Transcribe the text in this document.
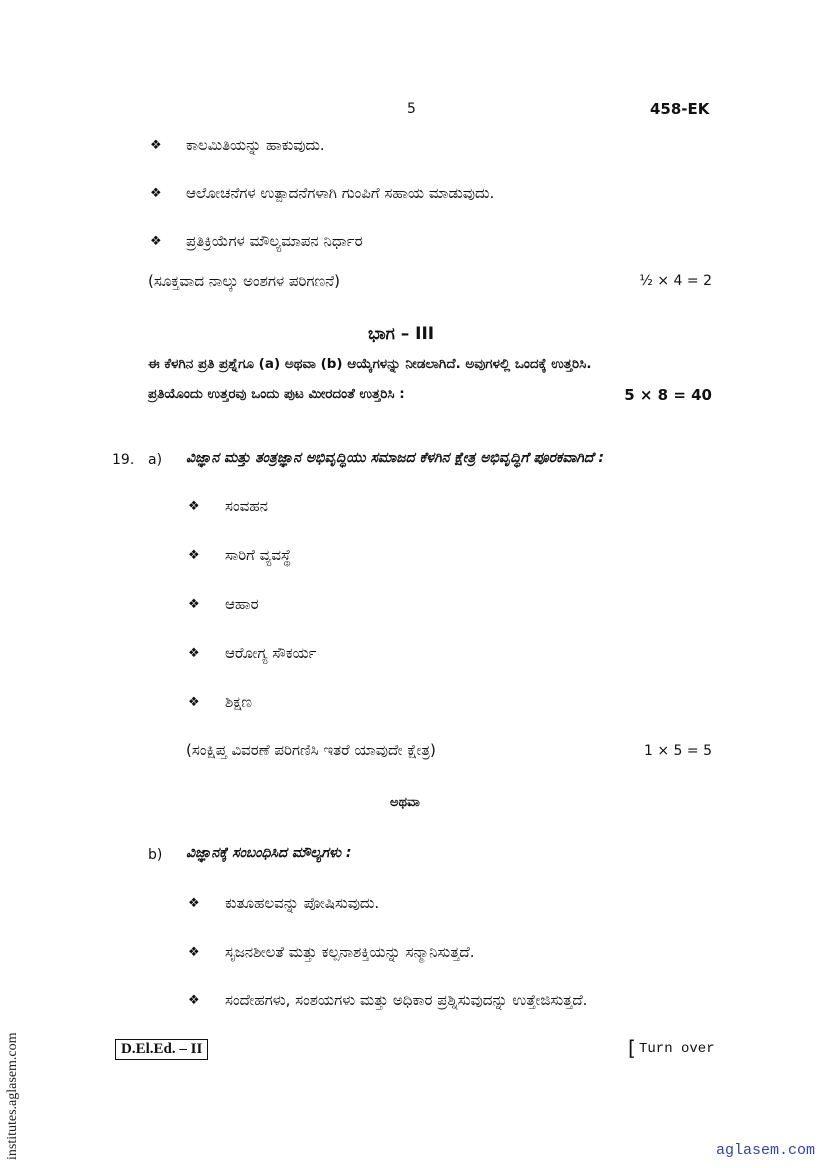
5	458-EK
❖ ಕಾಲಮಿತಿಯನ್ನು ಹಾಕುವುದು.
❖ ಆಲೋಚನೆಗಳ ಉತ್ಪಾದನೆಗಳಾಗಿ ಗುಂಪಿಗೆ ಸಹಾಯ ಮಾಡುವುದು.
❖ ಪ್ರತಿಕ್ರಿಯೆಗಳ ಮೌಲ್ಯಮಾಪನ ನಿರ್ಧಾರ
(ಸೂಕ್ತವಾದ ನಾಲ್ಕು ಅಂಶಗಳ ಪರಿಗಣನೆ)	½ × 4 = 2
ಭಾಗ – III
ಈ ಕೆಳಗಿನ ಪ್ರತಿ ಪ್ರಶ್ನೆಗೂ (a) ಅಥವಾ (b) ಆಯ್ಕೆಗಳನ್ನು ನೀಡಲಾಗಿದೆ. ಅವುಗಳಲ್ಲಿ ಒಂದಕ್ಕೆ ಉತ್ತರಿಸಿ.
ಪ್ರತಿಯೊಂದು ಉತ್ತರವು ಒಂದು ಪುಟ ಮೀರದಂತೆ ಉತ್ತರಿಸಿ :	5 × 8 = 40
19. a) ವಿಜ್ಞಾನ ಮತ್ತು ತಂತ್ರಜ್ಞಾನ ಅಭಿವೃದ್ಧಿಯು ಸಮಾಜದ ಕೆಳಗಿನ ಕ್ಷೇತ್ರ ಅಭಿವೃದ್ಧಿಗೆ ಪೂರಕವಾಗಿದೆ :
❖ ಸಂವಹನ
❖ ಸಾರಿಗೆ ವ್ಯವಸ್ಥೆ
❖ ಆಹಾರ
❖ ಆರೋಗ್ಯ ಸೌಕರ್ಯ
❖ ಶಿಕ್ಷಣ
(ಸಂಕ್ಷಿಪ್ತ ವಿವರಣೆ ಪರಿಗಣಿಸಿ ಇತರೆ ಯಾವುದೇ ಕ್ಷೇತ್ರ)	1 × 5 = 5
ಅಥವಾ
b) ವಿಜ್ಞಾನಕ್ಕೆ ಸಂಬಂಧಿಸಿದ ಮೌಲ್ಯಗಳು :
❖ ಕುತೂಹಲವನ್ನು ಪೋಷಿಸುವುದು.
❖ ಸೃಜನಶೀಲತೆ ಮತ್ತು ಕಲ್ಪನಾಶಕ್ತಿಯನ್ನು ಸನ್ಮಾನಿಸುತ್ತದೆ.
❖ ಸಂದೇಹಗಳು, ಸಂಶಯಗಳು ಮತ್ತು ಅಧಿಕಾರ ಪ್ರಶ್ನಿಸುವುದನ್ನು ಉತ್ತೇಜಿಸುತ್ತದೆ.
D.El.Ed. – II	[ Turn over
institutes.aglasem.com	aglasem.com
